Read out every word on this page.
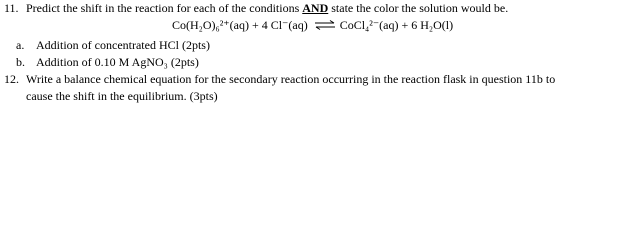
11. Predict the shift in the reaction for each of the conditions AND state the color the solution would be.
Co(H₂O)₆²⁺(aq) + 4 Cl⁻(aq) ⇌ CoCl₄²⁻(aq) + 6 H₂O(l)
a. Addition of concentrated HCl (2pts)
b. Addition of 0.10 M AgNO₃ (2pts)
12. Write a balance chemical equation for the secondary reaction occurring in the reaction flask in question 11b to
cause the shift in the equilibrium. (3pts)
